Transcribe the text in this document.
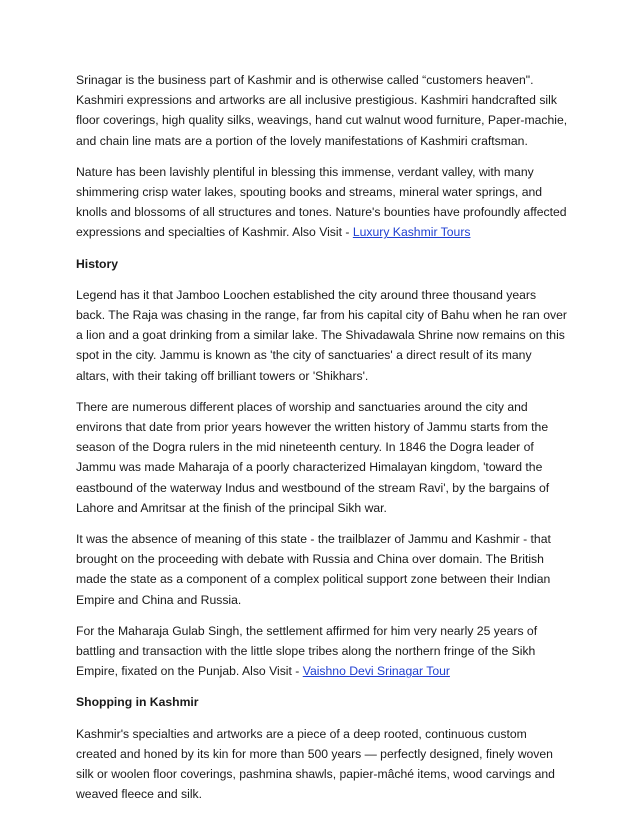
Srinagar is the business part of Kashmir and is otherwise called “customers heaven". Kashmiri expressions and artworks are all inclusive prestigious. Kashmiri handcrafted silk floor coverings, high quality silks, weavings, hand cut walnut wood furniture, Paper-machie, and chain line mats are a portion of the lovely manifestations of Kashmiri craftsman.

Nature has been lavishly plentiful in blessing this immense, verdant valley, with many shimmering crisp water lakes, spouting books and streams, mineral water springs, and knolls and blossoms of all structures and tones. Nature's bounties have profoundly affected expressions and specialties of Kashmir. Also Visit - Luxury Kashmir Tours

History

Legend has it that Jamboo Loochen established the city around three thousand years back. The Raja was chasing in the range, far from his capital city of Bahu when he ran over a lion and a goat drinking from a similar lake. The Shivadawala Shrine now remains on this spot in the city. Jammu is known as 'the city of sanctuaries' a direct result of its many altars, with their taking off brilliant towers or 'Shikhars'.

There are numerous different places of worship and sanctuaries around the city and environs that date from prior years however the written history of Jammu starts from the season of the Dogra rulers in the mid nineteenth century. In 1846 the Dogra leader of Jammu was made Maharaja of a poorly characterized Himalayan kingdom, 'toward the eastbound of the waterway Indus and westbound of the stream Ravi', by the bargains of Lahore and Amritsar at the finish of the principal Sikh war.

It was the absence of meaning of this state - the trailblazer of Jammu and Kashmir - that brought on the proceeding with debate with Russia and China over domain. The British made the state as a component of a complex political support zone between their Indian Empire and China and Russia.

For the Maharaja Gulab Singh, the settlement affirmed for him very nearly 25 years of battling and transaction with the little slope tribes along the northern fringe of the Sikh Empire, fixated on the Punjab. Also Visit - Vaishno Devi Srinagar Tour

Shopping in Kashmir

Kashmir's specialties and artworks are a piece of a deep rooted, continuous custom created and honed by its kin for more than 500 years — perfectly designed, finely woven silk or woolen floor coverings, pashmina shawls, papier-mâché items, wood carvings and weaved fleece and silk.
